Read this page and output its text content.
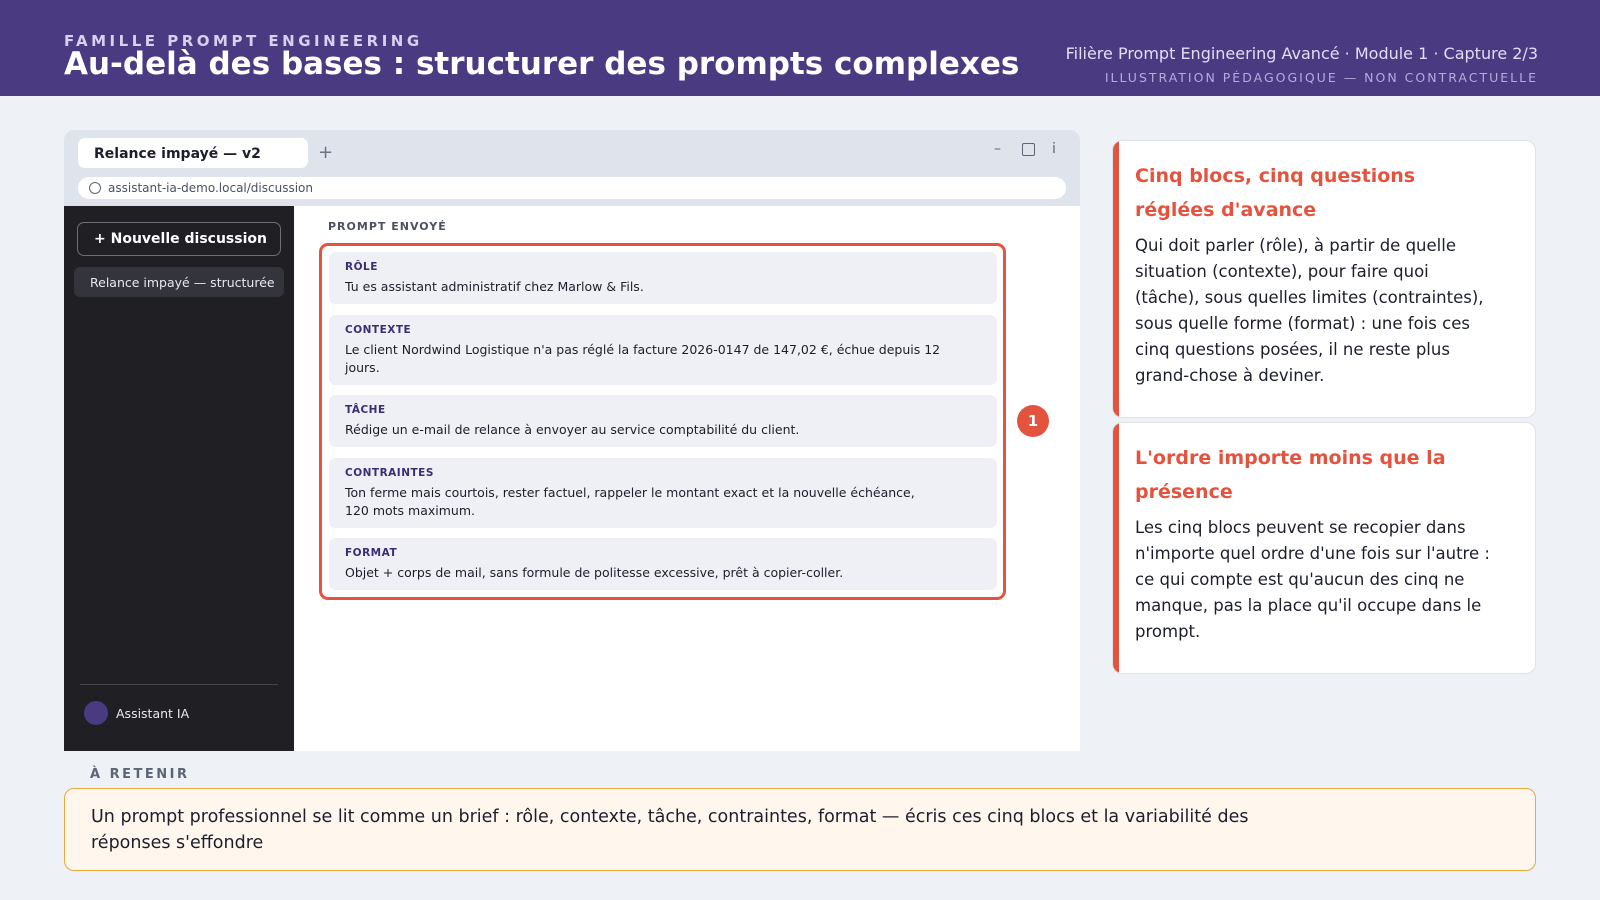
FAMILLE PROMPT ENGINEERING
Au-delà des bases : structurer des prompts complexes	Filière Prompt Engineering Avancé · Module 1 · Capture 2/3
ILLUSTRATION PÉDAGOGIQUE — NON CONTRACTUELLE
Relance impayé — v2	+	–	i
assistant-ia-demo.local/discussion
+ Nouvelle discussion
Relance impayé — structurée
Assistant IA
PROMPT ENVOYÉ
RÔLE
Tu es assistant administratif chez Marlow & Fils.
CONTEXTE
Le client Nordwind Logistique n'a pas réglé la facture 2026-0147 de 147,02 €, échue depuis 12 jours.
TÂCHE
Rédige un e-mail de relance à envoyer au service comptabilité du client.
CONTRAINTES
Ton ferme mais courtois, rester factuel, rappeler le montant exact et la nouvelle échéance, 120 mots maximum.
FORMAT
Objet + corps de mail, sans formule de politesse excessive, prêt à copier-coller.
1
Cinq blocs, cinq questions réglées d'avance
Qui doit parler (rôle), à partir de quelle situation (contexte), pour faire quoi (tâche), sous quelles limites (contraintes), sous quelle forme (format) : une fois ces cinq questions posées, il ne reste plus grand-chose à deviner.
L'ordre importe moins que la présence
Les cinq blocs peuvent se recopier dans n'importe quel ordre d'une fois sur l'autre : ce qui compte est qu'aucun des cinq ne manque, pas la place qu'il occupe dans le prompt.
À RETENIR
Un prompt professionnel se lit comme un brief : rôle, contexte, tâche, contraintes, format — écris ces cinq blocs et la variabilité des réponses s'effondre
